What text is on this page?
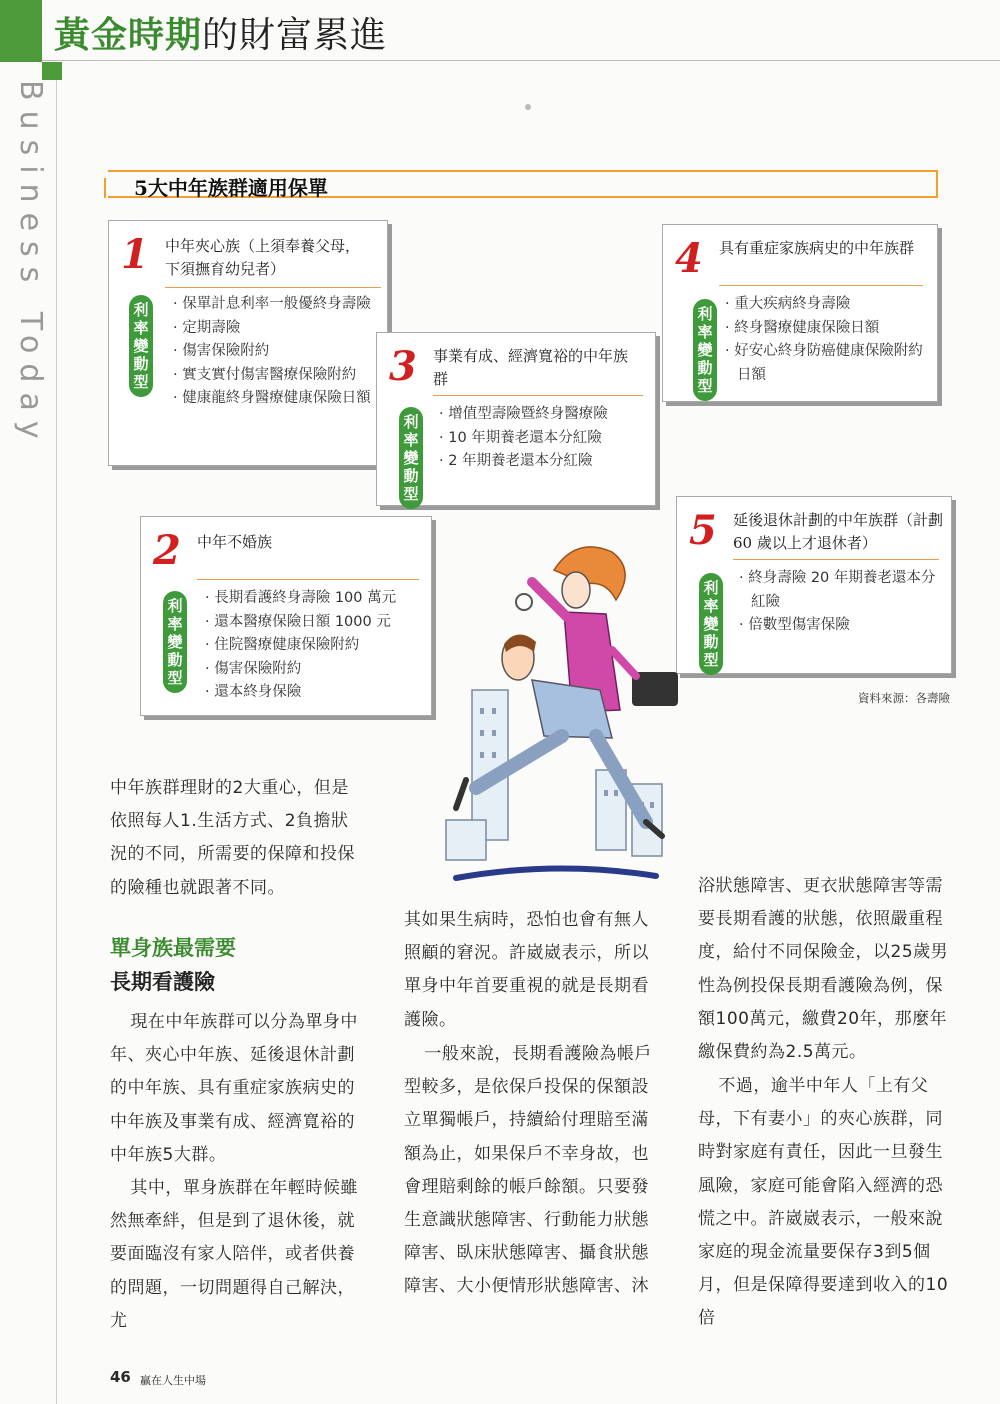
黃金時期的財富累進
Business Today	5大中年族群適用保單
1 中年夾心族（上須奉養父母，下須撫育幼兒者）
利率變動型
· 保單計息利率一般優終身壽險
· 定期壽險
· 傷害保險附約
· 實支實付傷害醫療保險附約
· 健康龍終身醫療健康保險日額
2 中年不婚族
利率變動型
· 長期看護終身壽險 100 萬元
· 還本醫療保險日額 1000 元
· 住院醫療健康保險附約
· 傷害保險附約
· 還本終身保險
3 事業有成、經濟寬裕的中年族群
利率變動型
· 增值型壽險暨終身醫療險
· 10 年期養老還本分紅險
· 2 年期養老還本分紅險
4 具有重症家族病史的中年族群
利率變動型
· 重大疾病終身壽險
· 終身醫療健康保險日額
· 好安心終身防癌健康保險附約日額
5 延後退休計劃的中年族群（計劃 60 歲以上才退休者）
利率變動型
· 終身壽險 20 年期養老還本分紅險
· 倍數型傷害保險
資料來源：各壽險

中年族群理財的2大重心，但是依照每人1.生活方式、2負擔狀況的不同，所需要的保障和投保的險種也就跟著不同。

單身族最需要
長期看護險

現在中年族群可以分為單身中年、夾心中年族、延後退休計劃的中年族、具有重症家族病史的中年族及事業有成、經濟寬裕的中年族5大群。

其中，單身族群在年輕時候雖然無牽絆，但是到了退休後，就要面臨沒有家人陪伴，或者供養的問題，一切問題得自己解決，尤

其如果生病時，恐怕也會有無人照顧的窘況。許崴崴表示，所以單身中年首要重視的就是長期看護險。

一般來說，長期看護險為帳戶型較多，是依保戶投保的保額設立單獨帳戶，持續給付理賠至滿額為止，如果保戶不幸身故，也會理賠剩餘的帳戶餘額。只要發生意識狀態障害、行動能力狀態障害、臥床狀態障害、攝食狀態障害、大小便情形狀態障害、沐

浴狀態障害、更衣狀態障害等需要長期看護的狀態，依照嚴重程度，給付不同保險金，以25歲男性為例投保長期看護險為例，保額100萬元，繳費20年，那麼年繳保費約為2.5萬元。

不過，逾半中年人「上有父母，下有妻小」的夾心族群，同時對家庭有責任，因此一旦發生風險，家庭可能會陷入經濟的恐慌之中。許崴崴表示，一般來說家庭的現金流量要保存3到5個月，但是保障得要達到收入的10倍

46 贏在人生中場
